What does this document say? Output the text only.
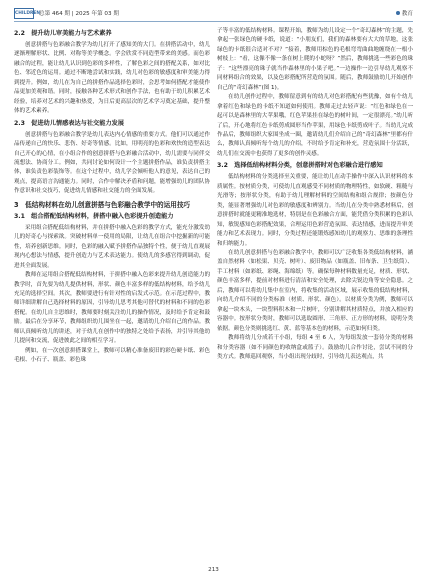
CHILDREN
总第 464 期 | 2025 年第 03 期	教育
2.2　提升幼儿审美能力与艺术素养

创意拼搭与色彩融合教学为幼儿打开了感知美的大门。在拼搭活动中，幼儿逐渐理解形状、比例、对称等美学概念。学会欣赏不同造型带来的美感。而色彩融合的过程，能让幼儿认识到色彩的多样性，了解色彩之间的搭配关系，如对比色、邻近色的运用。通过不断地尝试和实践，幼儿对色彩的敏感度和审美能力得到提升。例如，幼儿在为自己的拼搭作品选择色彩时，会思考如何搭配才能使作品更加美观和谐。同时，接触各种艺术形式和创作手法，也有助于幼儿积累艺术经验，培养对艺术的兴趣和热爱，为日后更高层次的艺术学习奠定基础，提升整体的艺术素养。

2.3　促进幼儿情感表达与社交能力发展

创意拼搭与色彩融合教学是幼儿表达内心情感的重要方式。他们可以通过作品传递自己的快乐、悲伤、好奇等情感。比如，用明亮的色彩和欢快的造型表达自己开心的心情，在小组合作的创意拼搭与色彩融合活动中，幼儿需要与同伴交流想法、协商分工。例如，共同讨论如何设计一个主题拼搭作品，谁负责拼搭主体，谁负责色彩装饰等。在这个过程中，幼儿学会倾听他人的意见，表达自己的观点，提高语言沟通能力。同时，合作中解决矛盾和问题，能增强幼儿的团队协作意识和社交技巧，促进幼儿情感和社交能力的全面发展。

3　低结构材料在幼儿创意拼搭与色彩融合教学中的运用技巧
3.1　组合搭配低结构材料，拼搭中融入色彩提升创造能力

采用组合搭配低结构材料，并在拼搭中融入色彩的教学方式，能充分激发幼儿的好奇心与探索欲。突破材料单一使用的局限，让幼儿在组合中挖掘新的可能性，培养创新思维。同时，色彩的融入赋予拼搭作品独特个性，便于幼儿直观展现内心想法与情感，提升创造力与艺术表达能力。使幼儿的多感官得到调动，促进其全面发展。

教师在运用组合搭配低结构材料，于拼搭中融入色彩来提升幼儿创造能力的教学时，首先要为幼儿提供材料，形状、颜色丰富多样的低结构材料，给予幼儿充足的选择空间。其次，教师要进行有针对性的启发式示范。在示范过程中，教师详细讲解自己选择材料的原因，引导幼儿思考其他可替代的材料和不同的色彩搭配。在幼儿自主思维时，教师要时刻关注幼儿的操作情况，及时给予肯定和鼓励。最后在分享环节，教师组织幼儿围坐在一起，邀请幼儿介绍自己的作品。教师认真倾听幼儿的讲述，对于幼儿在创作中的独特之处给予表扬，并引导其他幼儿提问和交流，促进彼此之间的相互学习。

例如，在一次创意拼搭课堂上，教师可以精心准备废旧的彩色硬卡纸、彩色毛根、小石子、瓶盖、彩色珠

子等丰富的低结构材料。课程开始，教师为幼儿设定一个“奇幻森林”的主题，先拿起一张绿色的硬卡纸，说道：“小朋友们，我们的森林要有大大的草地，这张绿色的卡纸很合适对不对？”接着，教师用棕色的毛根弯弯曲曲地缠绕在一根小树枝上：“看，这像不像一条在树上爬的小蛇呀？”然后，教师挑选一些彩色的珠子：“这些漂亮的珠子就当作森林里的小果子吧。”一边操作一边引导幼儿观察不同材料组合的效果，以及色彩搭配所营造的氛围。随后，教师鼓励幼儿开始创作自己的“奇幻森林”(图 1)。

在幼儿创作过程中，教师留意到有的幼儿对色彩搭配有些犹豫，如有个幼儿拿着红色和绿色的卡纸不知道如何使用。教师走过去轻声说：“红色和绿色在一起可以是森林里的大苹果哦，红色苹果挂在绿色的树叶间，一定很漂亮。”幼儿听了后，开心地将红色卡纸剪成圆形当作苹果，用绿色卡纸剪成叶子。当幼儿完成作品后，教师组织大家围坐成一圈，邀请幼儿们介绍自己的“奇幻森林”里都有什么，教师认真倾听每个幼儿的介绍，不时给予肯定和补充，营造氛围十分活跃，幼儿们在交流中也获得了更多的创作灵感。

3.2　选择低结构材料分类，创意拼搭时对色彩融合进行感知

低结构材料的分类选择至关重要，能让幼儿在动手操作中深入认识材料的本质属性。按材质分类，可使幼儿直观感受不同材质的物理特性，如软硬、粗糙与光滑等；按形状分类，有助于幼儿理解材料的空间结构和组合规律；按颜色分类，能显著增强幼儿对色彩的敏感度和辨别力。当幼儿在分类中熟悉材料后，创意拼搭时就能更精准地选材，特别是在色彩融合方面，能凭借分类积累的色彩认知，敏锐感知色彩搭配效果，合理运用色彩营造氛围、表达情感，进而提升审美能力和艺术表现力。同时，分类过程还能锻炼感知幼儿的观察力、思维的条理性和归纳能力。

在幼儿创意拼搭与色彩融合教学中，教师可以广泛收集各类低结构材料，涵盖自然材料（如松果、贝壳、树叶）、废旧物品（如瓶盖、旧布条、卫生纸筒）、手工材料（如彩纸、彩绳、海绵纸）等。确保每种材料数量充足，材质、形状、颜色丰富多样，提前对材料进行清洁和安全处理，去除尖锐边角等安全隐患。之后，教师可以将幼儿集中在室内，将收集的活动区域，展示收集的低结构材料，向幼儿介绍不同的分类标准（材质、形状、颜色）。以材质分类为例，教师可以拿起一块木头，一块塑料积木和一片树叶，分别讲解其材质特点，并放入相应的容器中。按形状分类时，教师可以选取圆形、三角形、正方形的材料，说明分类依据。颜色分类则挑选红、黄、蓝等基本色的材料，示范如何归类。

教师将幼儿分成若干小组，每组 4 至 6 人，为每组发放一套待分类的材料和分类容器（如不同颜色的收纳盒或篮子）。鼓励幼儿合作讨论，尝试不同的分类方式。教师巡回观察，当小组出现分歧时，引导幼儿表达观点，共

213
